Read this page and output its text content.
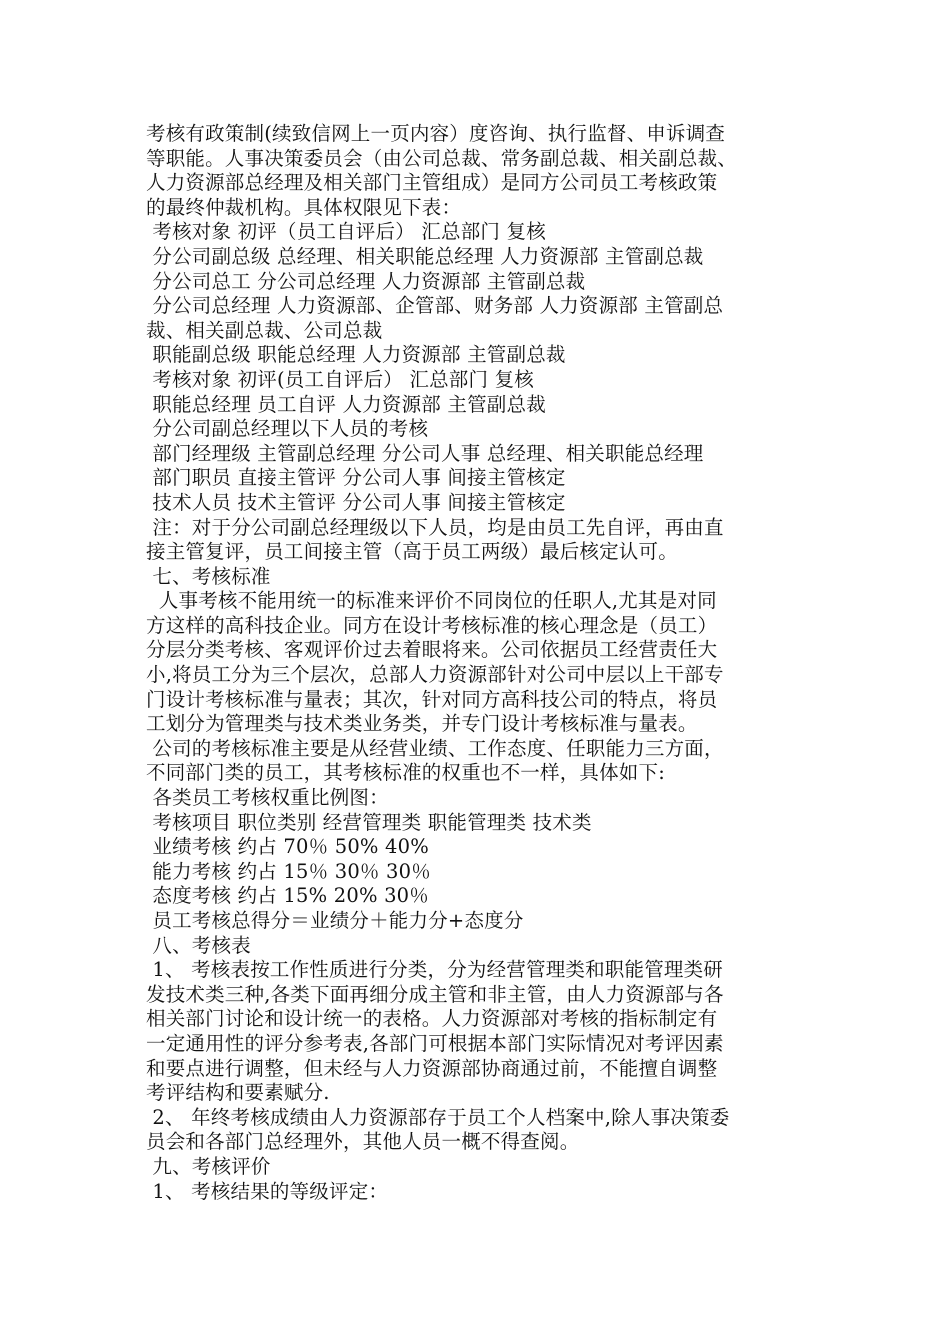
考核有政策制(续致信网上一页内容）度咨询、执行监督、申诉调查
等职能。人事决策委员会（由公司总裁、常务副总裁、相关副总裁、
人力资源部总经理及相关部门主管组成）是同方公司员工考核政策
的最终仲裁机构。具体权限见下表：
考核对象 初评（员工自评后） 汇总部门 复核
分公司副总级 总经理、相关职能总经理 人力资源部 主管副总裁
分公司总工 分公司总经理 人力资源部 主管副总裁
分公司总经理 人力资源部、企管部、财务部 人力资源部 主管副总
裁、相关副总裁、公司总裁
职能副总级 职能总经理 人力资源部 主管副总裁
考核对象 初评(员工自评后） 汇总部门 复核
职能总经理 员工自评 人力资源部 主管副总裁
分公司副总经理以下人员的考核
部门经理级 主管副总经理 分公司人事 总经理、相关职能总经理
部门职员 直接主管评 分公司人事 间接主管核定
技术人员 技术主管评 分公司人事 间接主管核定
注：对于分公司副总经理级以下人员，均是由员工先自评，再由直
接主管复评，员工间接主管（高于员工两级）最后核定认可。
七、考核标准
人事考核不能用统一的标准来评价不同岗位的任职人,尤其是对同
方这样的高科技企业。同方在设计考核标准的核心理念是（员工）
分层分类考核、客观评价过去着眼将来。公司依据员工经营责任大
小,将员工分为三个层次，总部人力资源部针对公司中层以上干部专
门设计考核标准与量表；其次，针对同方高科技公司的特点，将员
工划分为管理类与技术类业务类，并专门设计考核标准与量表。
公司的考核标准主要是从经营业绩、工作态度、任职能力三方面，
不同部门类的员工，其考核标准的权重也不一样，具体如下:
各类员工考核权重比例图：
考核项目 职位类别 经营管理类 职能管理类 技术类
业绩考核 约占 70％ 50% 40%
能力考核 约占 15％ 30％ 30％
态度考核 约占 15% 20% 30％
员工考核总得分＝业绩分＋能力分+态度分
八、考核表
1、 考核表按工作性质进行分类，分为经营管理类和职能管理类研
发技术类三种,各类下面再细分成主管和非主管，由人力资源部与各
相关部门讨论和设计统一的表格。人力资源部对考核的指标制定有
一定通用性的评分参考表,各部门可根据本部门实际情况对考评因素
和要点进行调整，但未经与人力资源部协商通过前，不能擅自调整
考评结构和要素赋分.
2、 年终考核成绩由人力资源部存于员工个人档案中,除人事决策委
员会和各部门总经理外，其他人员一概不得查阅。
九、考核评价
1、 考核结果的等级评定：
